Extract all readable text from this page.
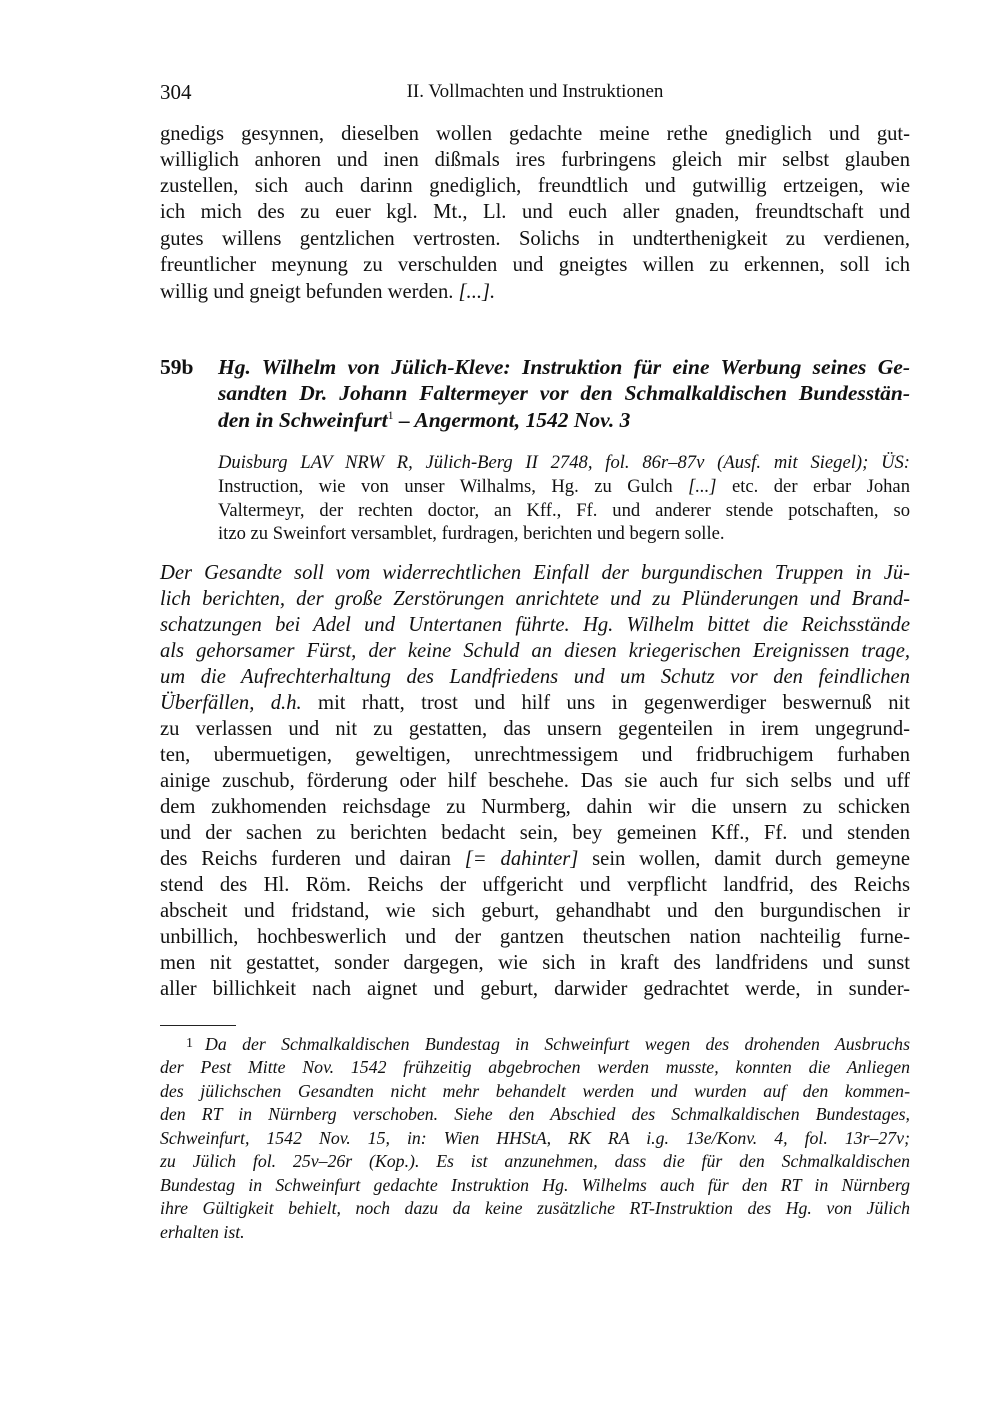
304	II. Vollmachten und Instruktionen
gnedigs gesynnen, dieselben wollen gedachte meine rethe gnediglich und gut-
williglich anhoren und inen dißmals ires furbringens gleich mir selbst glauben
zustellen, sich auch darinn gnediglich, freundtlich und gutwillig ertzeigen, wie
ich mich des zu euer kgl. Mt., Ll. und euch aller gnaden, freundtschaft und
gutes willens gentzlichen vertrosten. Solichs in undterthenigkeit zu verdienen,
freuntlicher meynung zu verschulden und gneigtes willen zu erkennen, soll ich
willig und gneigt befunden werden. [...].
59b Hg. Wilhelm von Jülich-Kleve: Instruktion für eine Werbung seines Ge-
sandten Dr. Johann Faltermeyer vor den Schmalkaldischen Bundesstän-
den in Schweinfurt$^1$ – Angermont, 1542 Nov. 3
Duisburg LAV NRW R, Jülich-Berg II 2748, fol. 86r–87v (Ausf. mit Siegel); ÜS:
Instruction, wie von unser Wilhalms, Hg. zu Gulch [...] etc. der erbar Johan
Valtermeyr, der rechten doctor, an Kff., Ff. und anderer stende potschaften, so
itzo zu Sweinfort versamblet, furdragen, berichten und begern solle.
Der Gesandte soll vom widerrechtlichen Einfall der burgundischen Truppen in Jü-
lich berichten, der große Zerstörungen anrichtete und zu Plünderungen und Brand-
schatzungen bei Adel und Untertanen führte. Hg. Wilhelm bittet die Reichsstände
als gehorsamer Fürst, der keine Schuld an diesen kriegerischen Ereignissen trage,
um die Aufrechterhaltung des Landfriedens und um Schutz vor den feindlichen
Überfällen, d.h. mit rhatt, trost und hilf uns in gegenwerdiger beswernuß nit
zu verlassen und nit zu gestatten, das unsern gegenteilen in irem ungegrund-
ten, ubermuetigen, geweltigen, unrechtmessigem und fridbruchigem furhaben
ainige zuschub, förderung oder hilf beschehe. Das sie auch fur sich selbs und uff
dem zukhomenden reichsdage zu Nurmberg, dahin wir die unsern zu schicken
und der sachen zu berichten bedacht sein, bey gemeinen Kff., Ff. und stenden
des Reichs furderen und dairan [= dahinter] sein wollen, damit durch gemeyne
stend des Hl. Röm. Reichs der uffgericht und verpflicht landfrid, des Reichs
abscheit und fridstand, wie sich geburt, gehandhabt und den burgundischen ir
unbillich, hochbeswerlich und der gantzen theutschen nation nachteilig furne-
men nit gestattet, sonder dargegen, wie sich in kraft des landfridens und sunst
aller billichkeit nach aignet und geburt, darwider gedrachtet werde, in sunder-
1 Da der Schmalkaldischen Bundestag in Schweinfurt wegen des drohenden Ausbruchs
der Pest Mitte Nov. 1542 frühzeitig abgebrochen werden musste, konnten die Anliegen
des jülichschen Gesandten nicht mehr behandelt werden und wurden auf den kommen-
den RT in Nürnberg verschoben. Siehe den Abschied des Schmalkaldischen Bundestages,
Schweinfurt, 1542 Nov. 15, in: Wien HHStA, RK RA i.g. 13e/Konv. 4, fol. 13r–27v;
zu Jülich fol. 25v–26r (Kop.). Es ist anzunehmen, dass die für den Schmalkaldischen
Bundestag in Schweinfurt gedachte Instruktion Hg. Wilhelms auch für den RT in Nürnberg
ihre Gültigkeit behielt, noch dazu da keine zusätzliche RT-Instruktion des Hg. von Jülich
erhalten ist.
